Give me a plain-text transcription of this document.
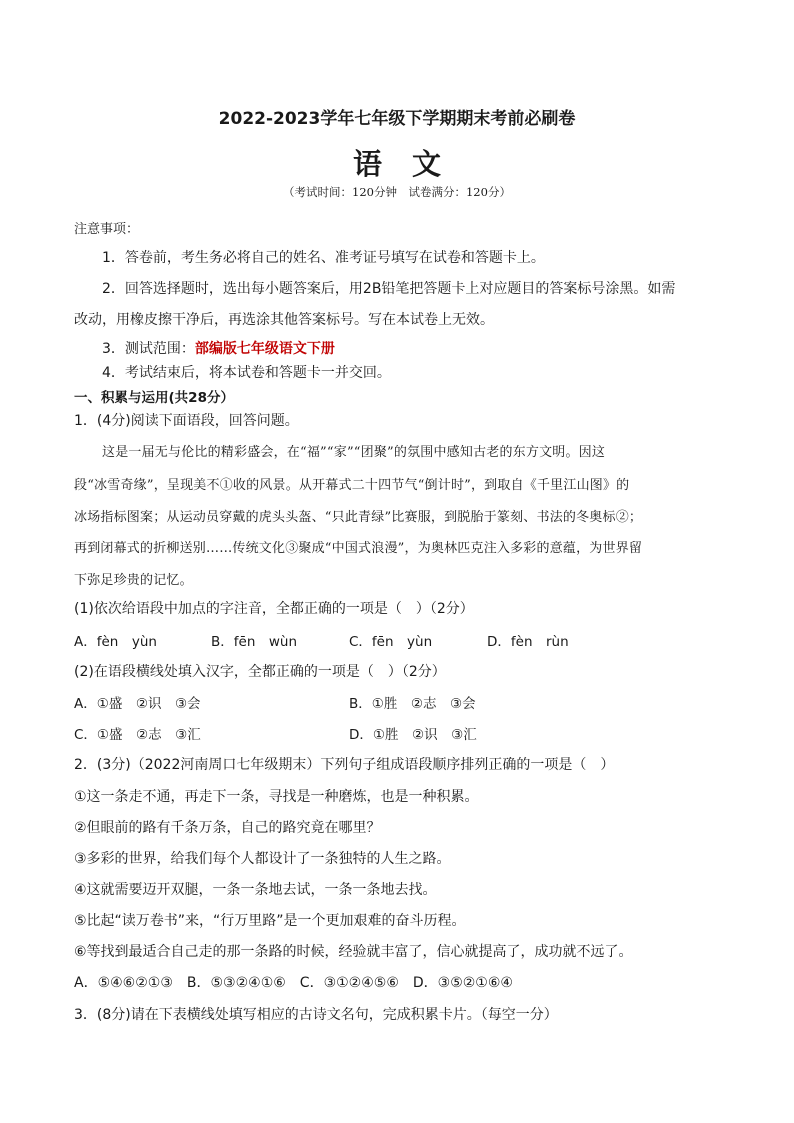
2022-2023学年七年级下学期期末考前必刷卷
语文
（考试时间：120分钟　试卷满分：120分）
注意事项：
1．答卷前，考生务必将自己的姓名、准考证号填写在试卷和答题卡上。
2．回答选择题时，选出每小题答案后，用2B铅笔把答题卡上对应题目的答案标号涂黑。如需
改动，用橡皮擦干净后，再选涂其他答案标号。写在本试卷上无效。
3．测试范围：部编版七年级语文下册
4．考试结束后，将本试卷和答题卡一并交回。
一、积累与运用(共28分）
1．(4分)阅读下面语段，回答问题。
这是一届无与伦比的精彩盛会，在“福”“家”“团聚”的氛围中感知古老的东方文明。因这
段“冰雪奇缘”，呈现美不①收的风景。从开幕式二十四节气“倒计时”，到取自《千里江山图》的
冰场指标图案；从运动员穿戴的虎头头盔、“只此青绿”比赛服，到脱胎于篆刻、书法的冬奥标②；
再到闭幕式的折柳送别……传统文化③聚成“中国式浪漫”，为奥林匹克注入多彩的意蕴，为世界留
下弥足珍贵的记忆。
(1)依次给语段中加点的字注音，全都正确的一项是（　）（2分）
A．fèn　yùn	B．fēn　wùn	C．fēn　yùn	D．fèn　rùn
(2)在语段横线处填入汉字，全都正确的一项是（　）（2分）
A．①盛　②识　③会	B．①胜　②志　③会
C．①盛　②志　③汇	D．①胜　②识　③汇
2．(3分)（2022河南周口七年级期末）下列句子组成语段顺序排列正确的一项是（　）
①这一条走不通，再走下一条，寻找是一种磨炼，也是一种积累。
②但眼前的路有千条万条，自己的路究竟在哪里？
③多彩的世界，给我们每个人都设计了一条独特的人生之路。
④这就需要迈开双腿，一条一条地去试，一条一条地去找。
⑤比起“读万卷书”来，“行万里路”是一个更加艰难的奋斗历程。
⑥等找到最适合自己走的那一条路的时候，经验就丰富了，信心就提高了，成功就不远了。
A．⑤④⑥②①③　B．⑤③②④①⑥　C．③①②④⑤⑥　D．③⑤②①⑥④
3．(8分)请在下表横线处填写相应的古诗文名句，完成积累卡片。（每空一分）
